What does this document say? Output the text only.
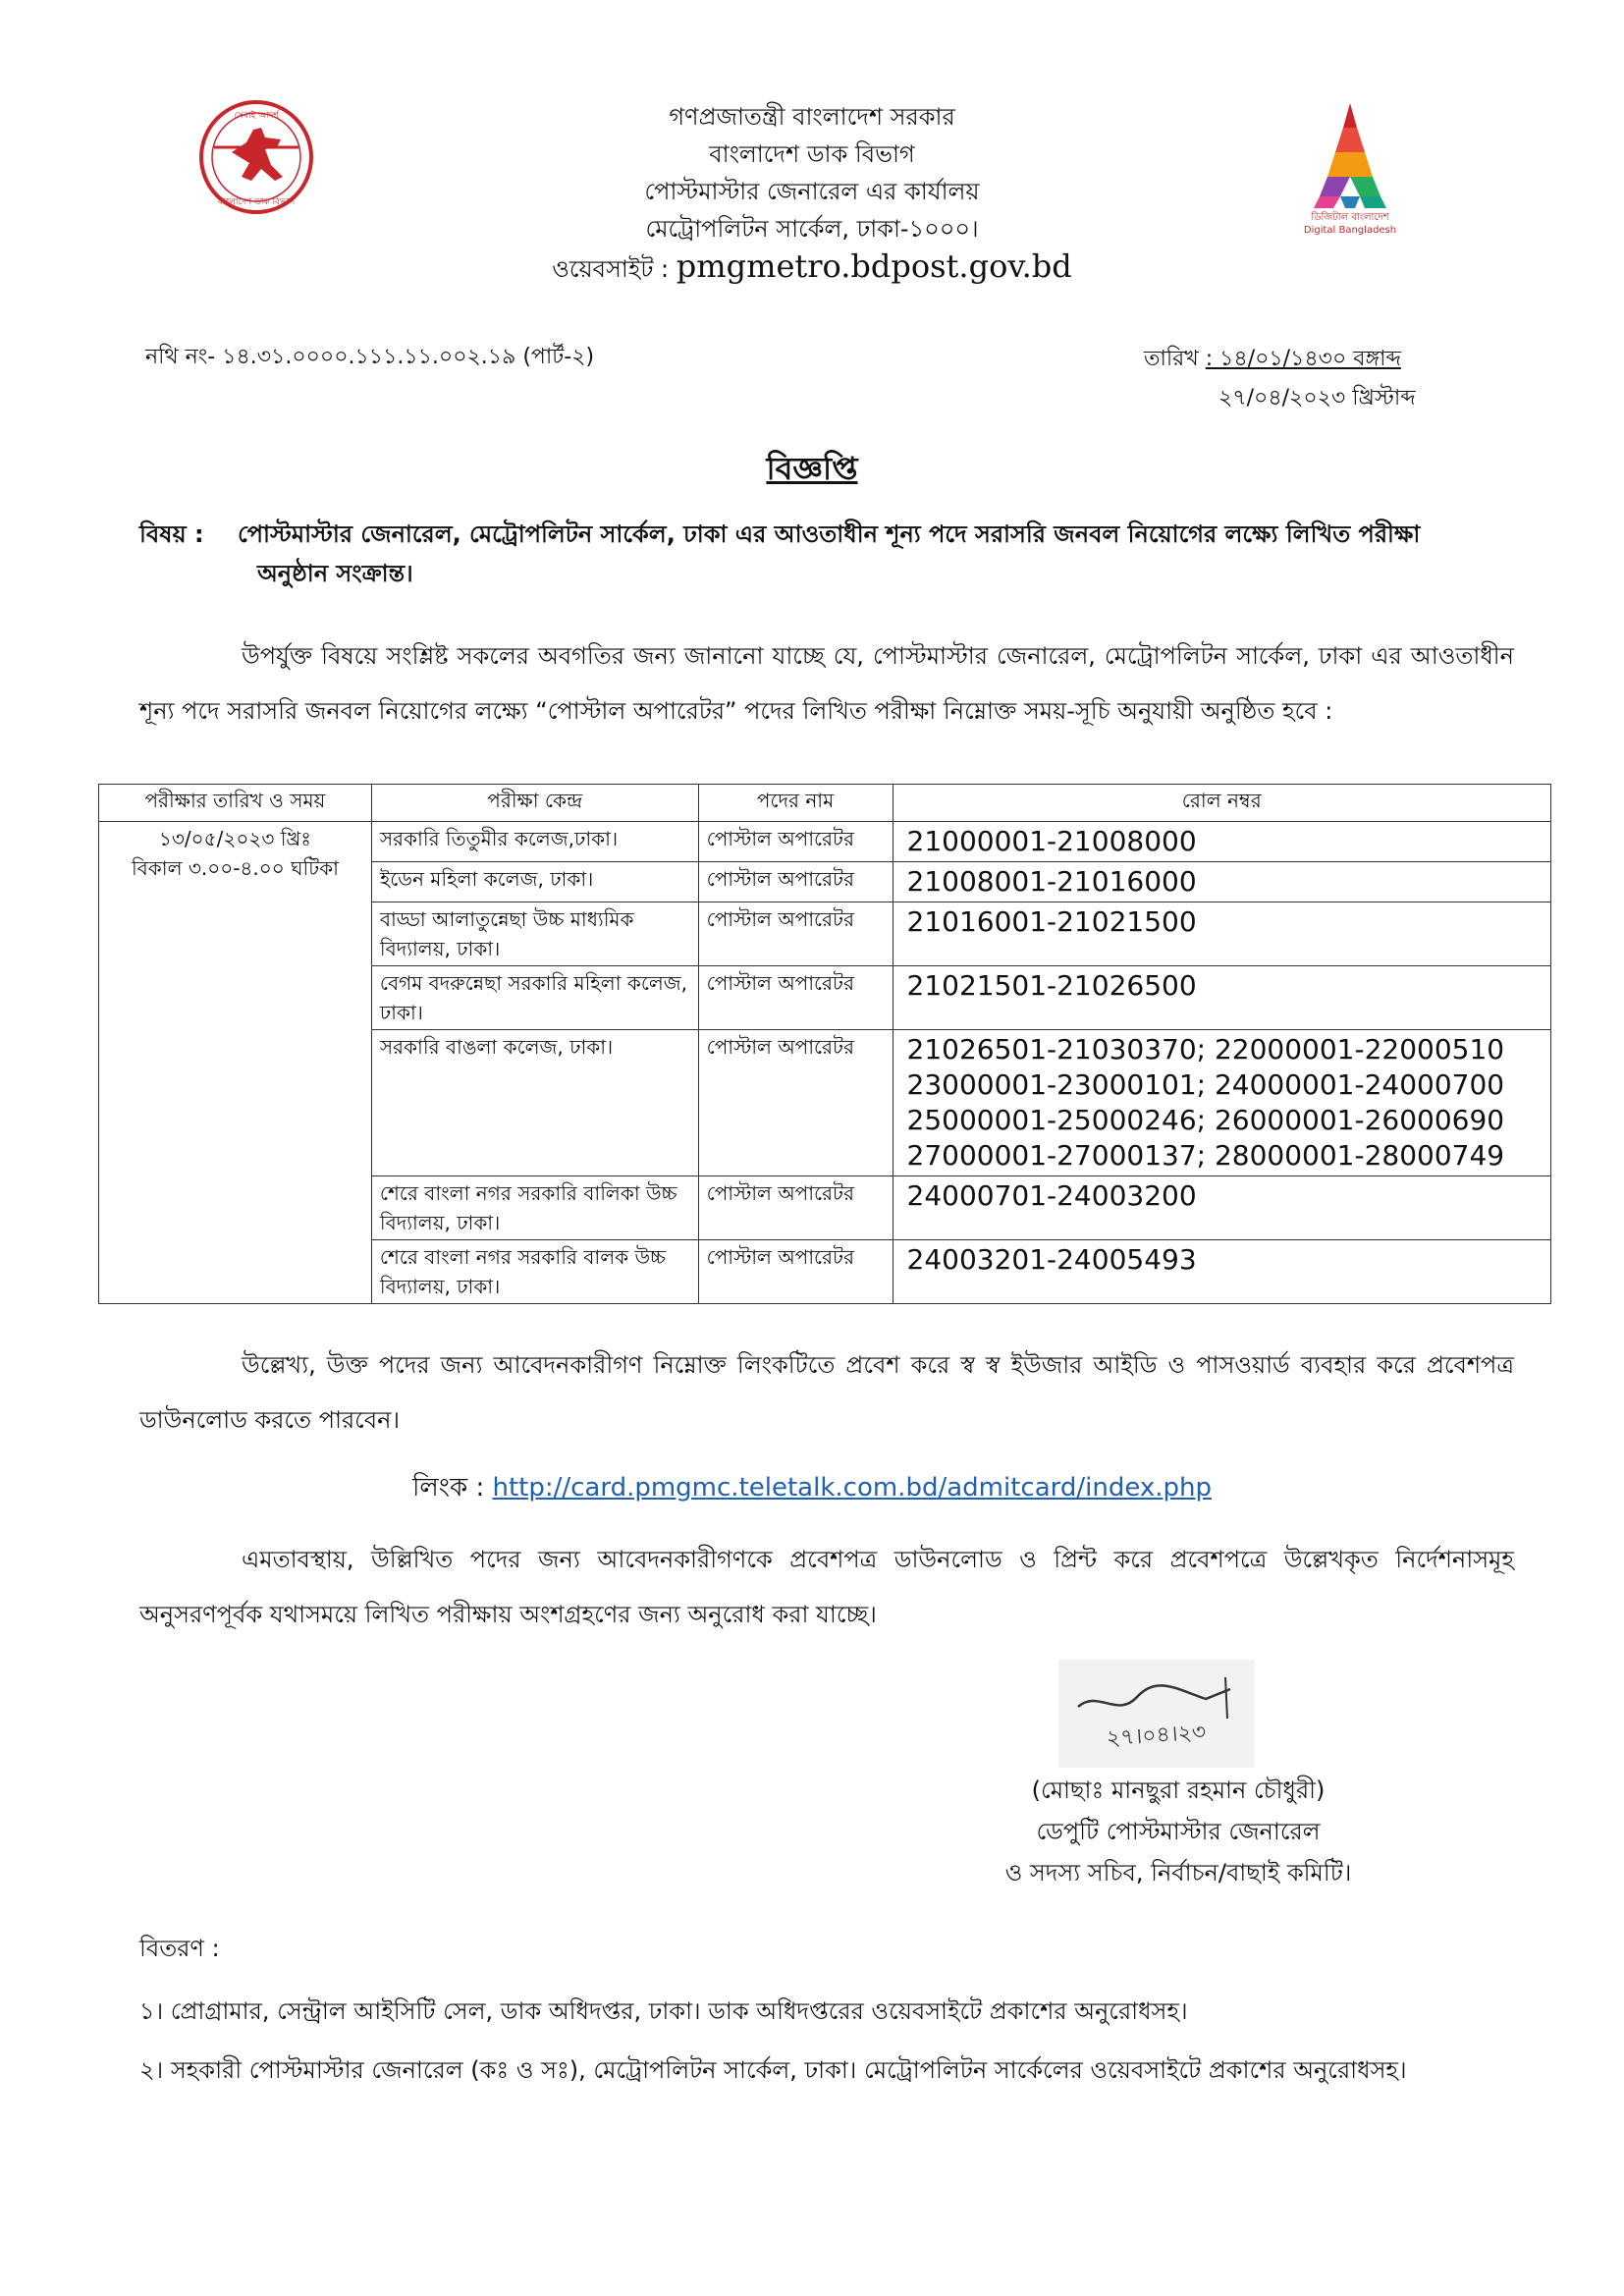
সেবাই আদর্শ
বাংলাদেশ ডাক বিভাগ
ডিজিটাল বাংলাদেশ
Digital Bangladesh
গণপ্রজাতন্ত্রী বাংলাদেশ সরকার
বাংলাদেশ ডাক বিভাগ
পোস্টমাস্টার জেনারেল এর কার্যালয়
মেট্রোপলিটন সার্কেল, ঢাকা-১০০০।
ওয়েবসাইট : pmgmetro.bdpost.gov.bd
নথি নং- ১৪.৩১.০০০০.১১১.১১.০০২.১৯ (পার্ট-২)	তারিখ : ১৪/০১/১৪৩০ বঙ্গাব্দ
২৭/০৪/২০২৩ খ্রিস্টাব্দ
বিজ্ঞপ্তি
বিষয় :	পোস্টমাস্টার জেনারেল, মেট্রোপলিটন সার্কেল, ঢাকা এর আওতাধীন শূন্য পদে সরাসরি জনবল নিয়োগের লক্ষ্যে লিখিত পরীক্ষা
অনুষ্ঠান সংক্রান্ত।
উপর্যুক্ত বিষয়ে সংশ্লিষ্ট সকলের অবগতির জন্য জানানো যাচ্ছে যে, পোস্টমাস্টার জেনারেল, মেট্রোপলিটন সার্কেল, ঢাকা এর আওতাধীন শূন্য পদে সরাসরি জনবল নিয়োগের লক্ষ্যে “পোস্টাল অপারেটর” পদের লিখিত পরীক্ষা নিম্নোক্ত সময়-সূচি অনুযায়ী অনুষ্ঠিত হবে :
পরীক্ষার তারিখ ও সময়	পরীক্ষা কেন্দ্র	পদের নাম	রোল নম্বর

১৩/০৫/২০২৩ খ্রিঃ
বিকাল ৩.০০-৪.০০ ঘটিকা	সরকারি তিতুমীর কলেজ,ঢাকা।	পোস্টাল অপারেটর	21000001-21008000
	ইডেন মহিলা কলেজ, ঢাকা।	পোস্টাল অপারেটর	21008001-21016000
	বাড্ডা আলাতুন্নেছা উচ্চ মাধ্যমিক বিদ্যালয়, ঢাকা।	পোস্টাল অপারেটর	21016001-21021500
	বেগম বদরুন্নেছা সরকারি মহিলা কলেজ, ঢাকা।	পোস্টাল অপারেটর	21021501-21026500
	সরকারি বাঙলা কলেজ, ঢাকা।	পোস্টাল অপারেটর	21026501-21030370; 22000001-22000510 23000001-23000101; 24000001-24000700 25000001-25000246; 26000001-26000690 27000001-27000137; 28000001-28000749
	শেরে বাংলা নগর সরকারি বালিকা উচ্চ বিদ্যালয়, ঢাকা।	পোস্টাল অপারেটর	24000701-24003200
	শেরে বাংলা নগর সরকারি বালক উচ্চ বিদ্যালয়, ঢাকা।	পোস্টাল অপারেটর	24003201-24005493
উল্লেখ্য, উক্ত পদের জন্য আবেদনকারীগণ নিম্নোক্ত লিংকটিতে প্রবেশ করে স্ব স্ব ইউজার আইডি ও পাসওয়ার্ড ব্যবহার করে প্রবেশপত্র ডাউনলোড করতে পারবেন।
লিংক : http://card.pmgmc.teletalk.com.bd/admitcard/index.php
এমতাবস্থায়, উল্লিখিত পদের জন্য আবেদনকারীগণকে প্রবেশপত্র ডাউনলোড ও প্রিন্ট করে প্রবেশপত্রে উল্লেখকৃত নির্দেশনাসমূহ অনুসরণপূর্বক যথাসময়ে লিখিত পরীক্ষায় অংশগ্রহণের জন্য অনুরোধ করা যাচ্ছে।
২৭।০৪।২৩
(মোছাঃ মানছুরা রহমান চৌধুরী)
ডেপুটি পোস্টমাস্টার জেনারেল
ও সদস্য সচিব, নির্বাচন/বাছাই কমিটি।
বিতরণ :
১। প্রোগ্রামার, সেন্ট্রাল আইসিটি সেল, ডাক অধিদপ্তর, ঢাকা। ডাক অধিদপ্তরের ওয়েবসাইটে প্রকাশের অনুরোধসহ।
২। সহকারী পোস্টমাস্টার জেনারেল (কঃ ও সঃ), মেট্রোপলিটন সার্কেল, ঢাকা। মেট্রোপলিটন সার্কেলের ওয়েবসাইটে প্রকাশের অনুরোধসহ।
